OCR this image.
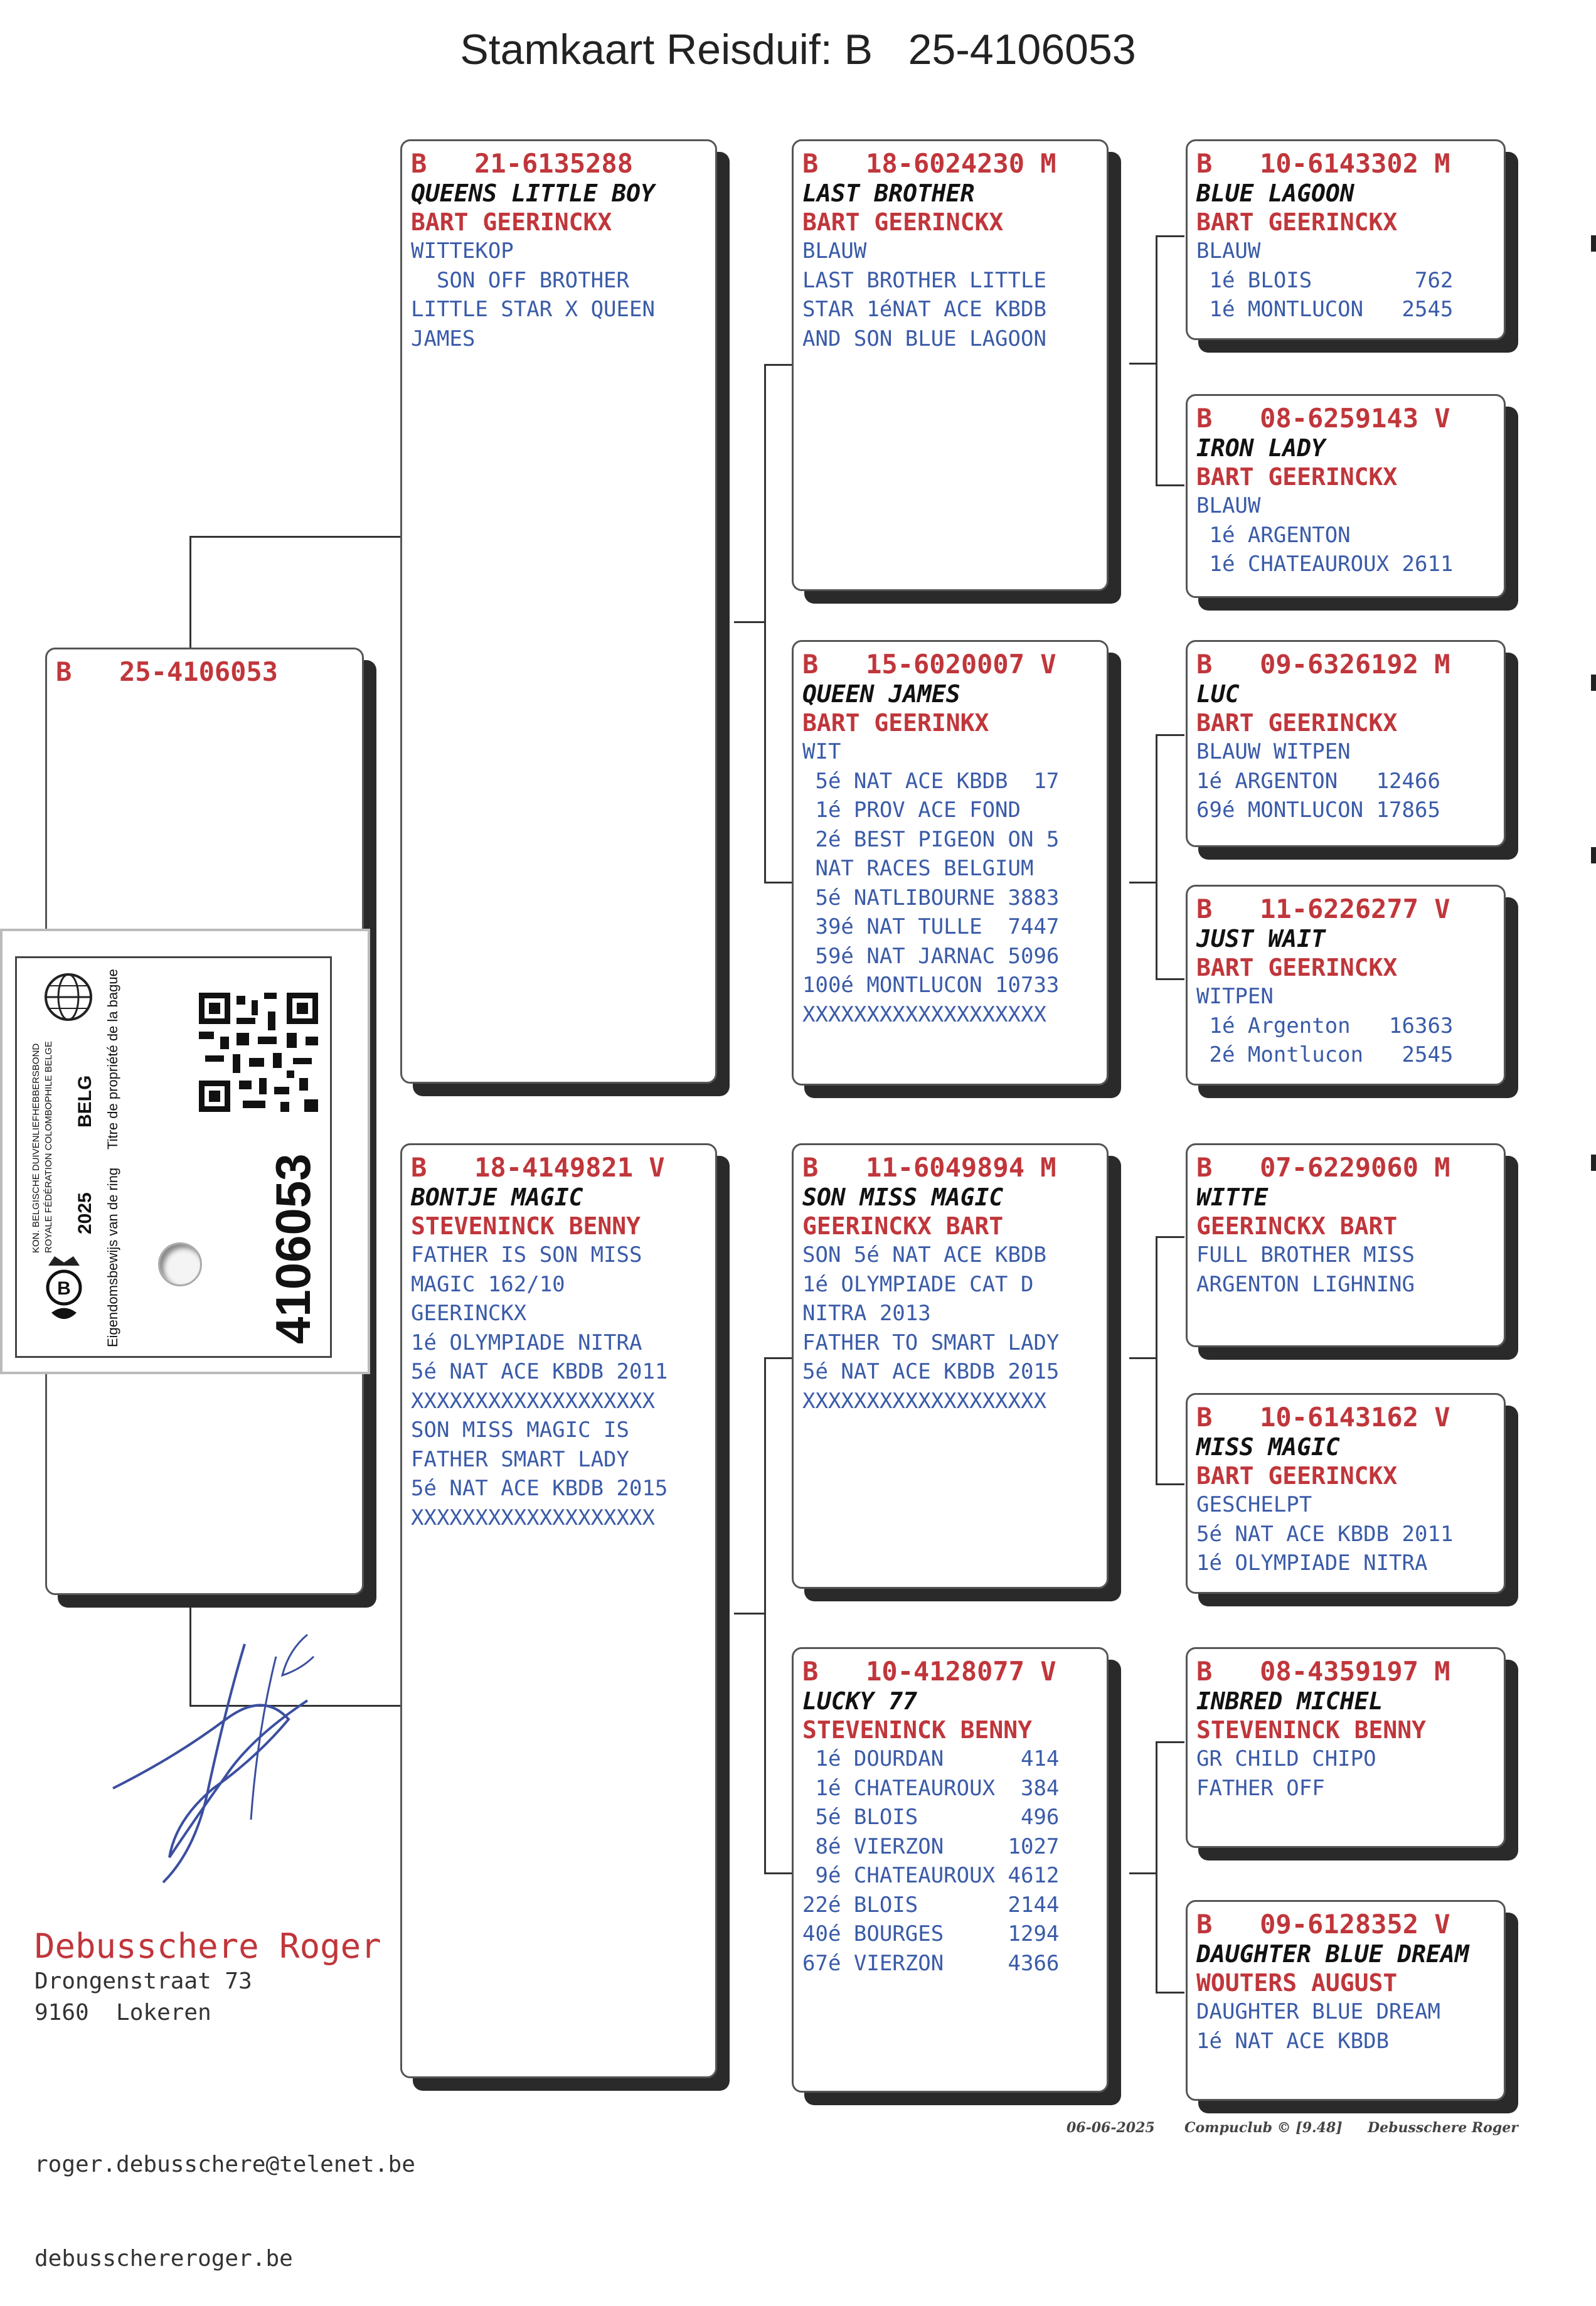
Stamkaart Reisduif: B   25-4106053
B   25-4106053
B   21-6135288
QUEENS LITTLE BOY
BART GEERINCKX
WITTEKOP
SON OFF BROTHER
LITTLE STAR X QUEEN
JAMES
B   18-4149821 V
BONTJE MAGIC
STEVENINCK BENNY
FATHER IS SON MISS
MAGIC 162/10
GEERINCKX
1é OLYMPIADE NITRA
5é NAT ACE KBDB 2011
XXXXXXXXXXXXXXXXXXX
SON MISS MAGIC IS
FATHER SMART LADY
5é NAT ACE KBDB 2015
XXXXXXXXXXXXXXXXXXX
B   18-6024230 M
LAST BROTHER
BART GEERINCKX
BLAUW
LAST BROTHER LITTLE
STAR 1éNAT ACE KBDB
AND SON BLUE LAGOON
B   15-6020007 V
QUEEN JAMES
BART GEERINKX
WIT
5é NAT ACE KBDB  17
1é PROV ACE FOND
2é BEST PIGEON ON 5
NAT RACES BELGIUM
5é NATLIBOURNE 3883
39é NAT TULLE  7447
59é NAT JARNAC 5096
100é MONTLUCON 10733
XXXXXXXXXXXXXXXXXXX
B   11-6049894 M
SON MISS MAGIC
GEERINCKX BART
SON 5é NAT ACE KBDB
1é OLYMPIADE CAT D
NITRA 2013
FATHER TO SMART LADY
5é NAT ACE KBDB 2015
XXXXXXXXXXXXXXXXXXX
B   10-4128077 V
LUCKY 77
STEVENINCK BENNY
1é DOURDAN      414
1é CHATEAUROUX  384
5é BLOIS        496
8é VIERZON     1027
9é CHATEAUROUX 4612
22é BLOIS       2144
40é BOURGES     1294
67é VIERZON     4366
B   10-6143302 M
BLUE LAGOON
BART GEERINCKX
BLAUW
1é BLOIS        762
1é MONTLUCON   2545
B   08-6259143 V
IRON LADY
BART GEERINCKX
BLAUW
1é ARGENTON
1é CHATEAUROUX 2611
B   09-6326192 M
LUC
BART GEERINCKX
BLAUW WITPEN
1é ARGENTON   12466
69é MONTLUCON 17865
B   11-6226277 V
JUST WAIT
BART GEERINCKX
WITPEN
1é Argenton   16363
2é Montlucon   2545
B   07-6229060 M
WITTE
GEERINCKX BART
FULL BROTHER MISS
ARGENTON LIGHNING
B   10-6143162 V
MISS MAGIC
BART GEERINCKX
GESCHELPT
5é NAT ACE KBDB 2011
1é OLYMPIADE NITRA
B   08-4359197 M
INBRED MICHEL
STEVENINCK BENNY
GR CHILD CHIPO
FATHER OFF
B   09-6128352 V
DAUGHTER BLUE DREAM
WOUTERS AUGUST
DAUGHTER BLUE DREAM
1é NAT ACE KBDB
B
KON. BELGISCHE DUIVENLIEFHEBBERSBOND ROYALE FÉDÉRATION COLOMBOPHILE BELGE 2025
BELG
Eigendomsbewijs van de ring
Titre de propriété de la bague
4106053
Debusschere Roger
Drongenstraat 73
9160  Lokeren

roger.debusschere@telenet.be

debusschereroger.be

06-06-2025 Compuclub © [9.48] Debusschere Roger
